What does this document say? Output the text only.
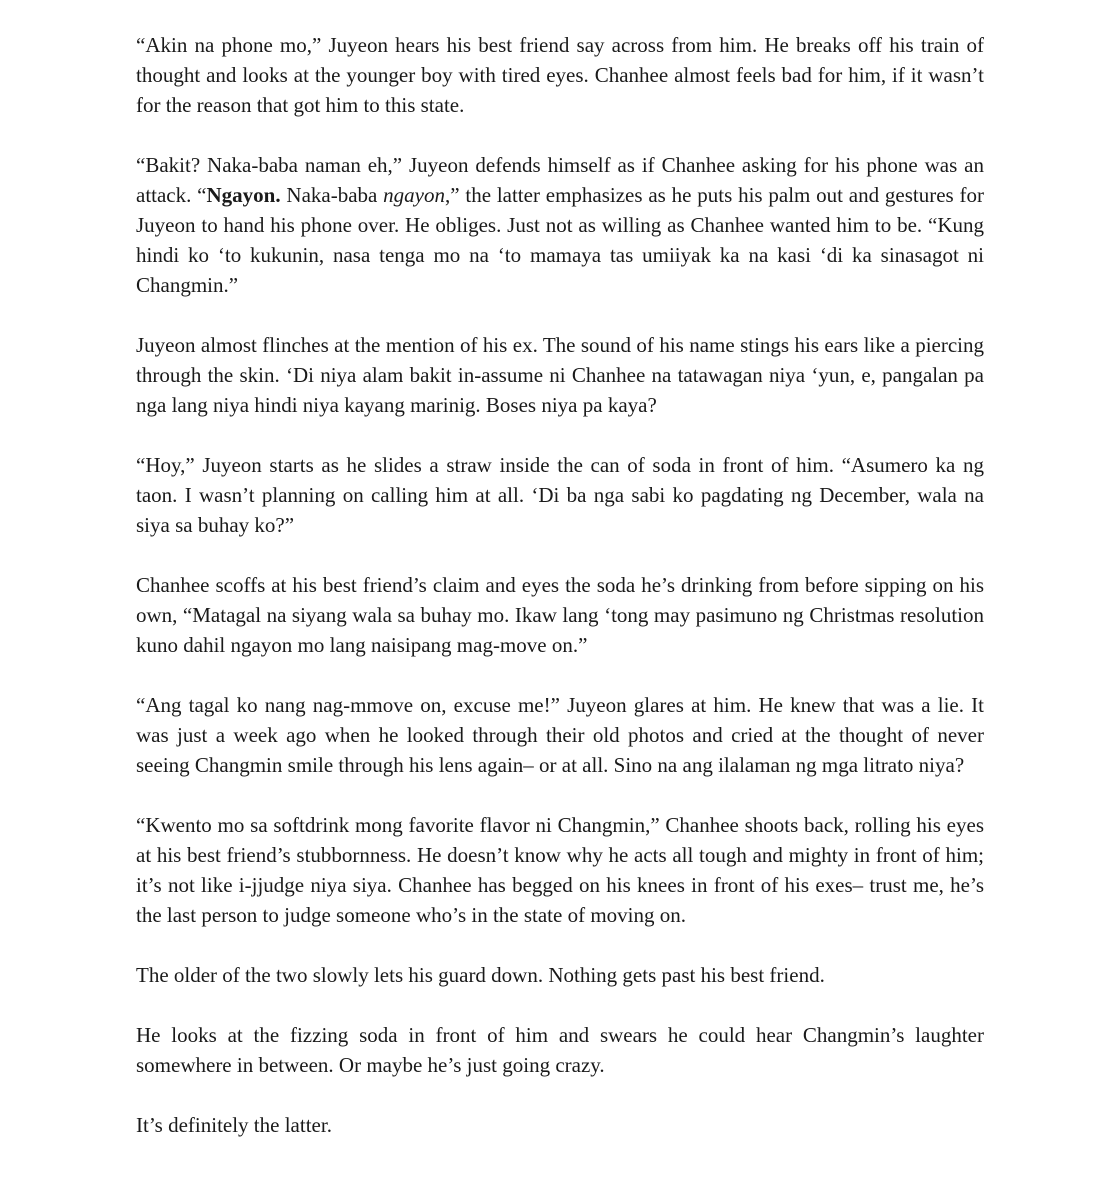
“Akin na phone mo,” Juyeon hears his best friend say across from him. He breaks off his train of thought and looks at the younger boy with tired eyes. Chanhee almost feels bad for him, if it wasn’t for the reason that got him to this state.

“Bakit? Naka-baba naman eh,” Juyeon defends himself as if Chanhee asking for his phone was an attack. “Ngayon. Naka-baba ngayon,” the latter emphasizes as he puts his palm out and gestures for Juyeon to hand his phone over. He obliges. Just not as willing as Chanhee wanted him to be. “Kung hindi ko ‘to kukunin, nasa tenga mo na ‘to mamaya tas umiiyak ka na kasi ‘di ka sinasagot ni Changmin.”

Juyeon almost flinches at the mention of his ex. The sound of his name stings his ears like a piercing through the skin. ‘Di niya alam bakit in-assume ni Chanhee na tatawagan niya ‘yun, e, pangalan pa nga lang niya hindi niya kayang marinig. Boses niya pa kaya?

“Hoy,” Juyeon starts as he slides a straw inside the can of soda in front of him. “Asumero ka ng taon. I wasn’t planning on calling him at all. ‘Di ba nga sabi ko pagdating ng December, wala na siya sa buhay ko?”

Chanhee scoffs at his best friend’s claim and eyes the soda he’s drinking from before sipping on his own, “Matagal na siyang wala sa buhay mo. Ikaw lang ‘tong may pasimuno ng Christmas resolution kuno dahil ngayon mo lang naisipang mag-move on.”

“Ang tagal ko nang nag-mmove on, excuse me!” Juyeon glares at him. He knew that was a lie. It was just a week ago when he looked through their old photos and cried at the thought of never seeing Changmin smile through his lens again– or at all. Sino na ang ilalaman ng mga litrato niya?

“Kwento mo sa softdrink mong favorite flavor ni Changmin,” Chanhee shoots back, rolling his eyes at his best friend’s stubbornness. He doesn’t know why he acts all tough and mighty in front of him; it’s not like i-jjudge niya siya. Chanhee has begged on his knees in front of his exes– trust me, he’s the last person to judge someone who’s in the state of moving on.

The older of the two slowly lets his guard down. Nothing gets past his best friend.

He looks at the fizzing soda in front of him and swears he could hear Changmin’s laughter somewhere in between. Or maybe he’s just going crazy.

It’s definitely the latter.
